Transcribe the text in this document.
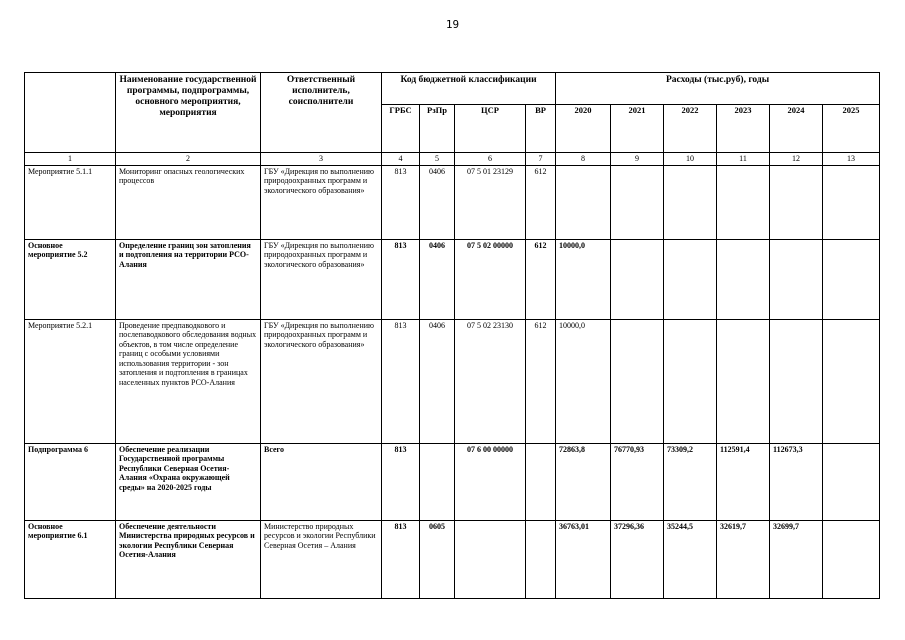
19
	Наименование государственной программы, подпрограммы, основного мероприятия, мероприятия	Ответственный исполнитель, соисполнители	Код бюджетной классификации				Расходы (тыс.руб), годы					
			ГРБС	РзПр	ЦСР	ВР	2020	2021	2022	2023	2024	2025
1	2	3	4	5	6	7	8	9	10	11	12	13
Мероприятие 5.1.1	Мониторинг опасных геологических процессов	ГБУ «Дирекция по выполнению природоохранных программ и экологического образования»	813	0406	07 5 01 23129	612						
Основное мероприятие 5.2	Определение границ зон затопления и подтопления на территории РСО-Алания	ГБУ «Дирекция по выполнению природоохранных программ и экологического образования»	813	0406	07 5 02 00000	612	10000,0					
Мероприятие 5.2.1	Проведение предпаводкового и послепаводкового обследования водных объектов, в том числе определение границ с особыми условиями использования территории - зон затопления и подтопления в границах населенных пунктов РСО-Алания	ГБУ «Дирекция по выполнению природоохранных программ и экологического образования»	813	0406	07 5 02 23130	612	10000,0					
Подпрограмма 6	Обеспечение реализации Государственной программы Республики Северная Осетия-Алания «Охрана окружающей среды» на 2020-2025 годы	Всего	813		07 6 00 00000		72863,8	76770,93	73309,2	112591,4	112673,3	
Основное мероприятие 6.1	Обеспечение деятельности Министерства природных ресурсов и экологии Республики Северная Осетия-Алания	Министерство природных ресурсов и экологии Республики Северная Осетия – Алания	813	0605			36763,01	37296,36	35244,5	32619,7	32699,7	
